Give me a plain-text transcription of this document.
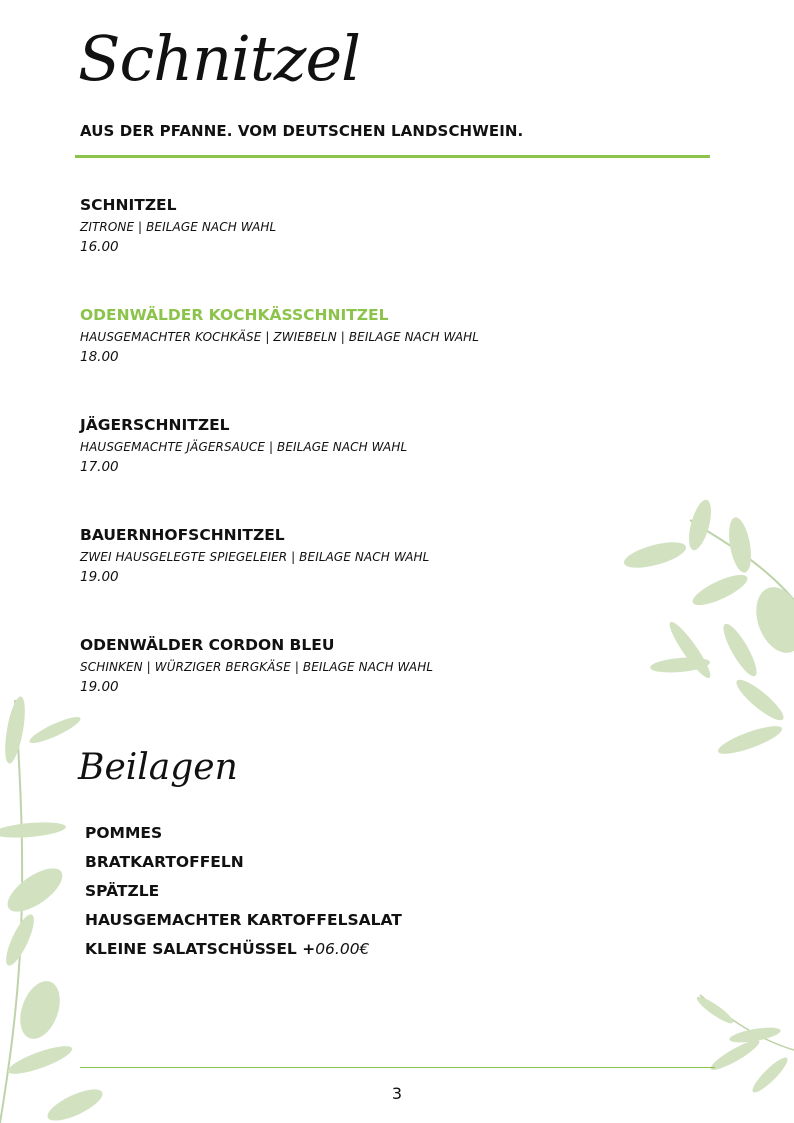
Schnitzel
AUS DER PFANNE. VOM DEUTSCHEN LANDSCHWEIN.
SCHNITZEL
ZITRONE | BEILAGE NACH WAHL
16.00
ODENWÄLDER KOCHKÄSSCHNITZEL
HAUSGEMACHTER KOCHKÄSE | ZWIEBELN | BEILAGE NACH WAHL
18.00
JÄGERSCHNITZEL
HAUSGEMACHTE JÄGERSAUCE | BEILAGE NACH WAHL
17.00
BAUERNHOFSCHNITZEL
ZWEI HAUSGELEGTE SPIEGELEIER | BEILAGE NACH WAHL
19.00
ODENWÄLDER CORDON BLEU
SCHINKEN | WÜRZIGER BERGKÄSE | BEILAGE NACH WAHL
19.00
Beilagen
POMMES
BRATKARTOFFELN
SPÄTZLE
HAUSGEMACHTER KARTOFFELSALAT
KLEINE SALATSCHÜSSEL +06.00€
3
